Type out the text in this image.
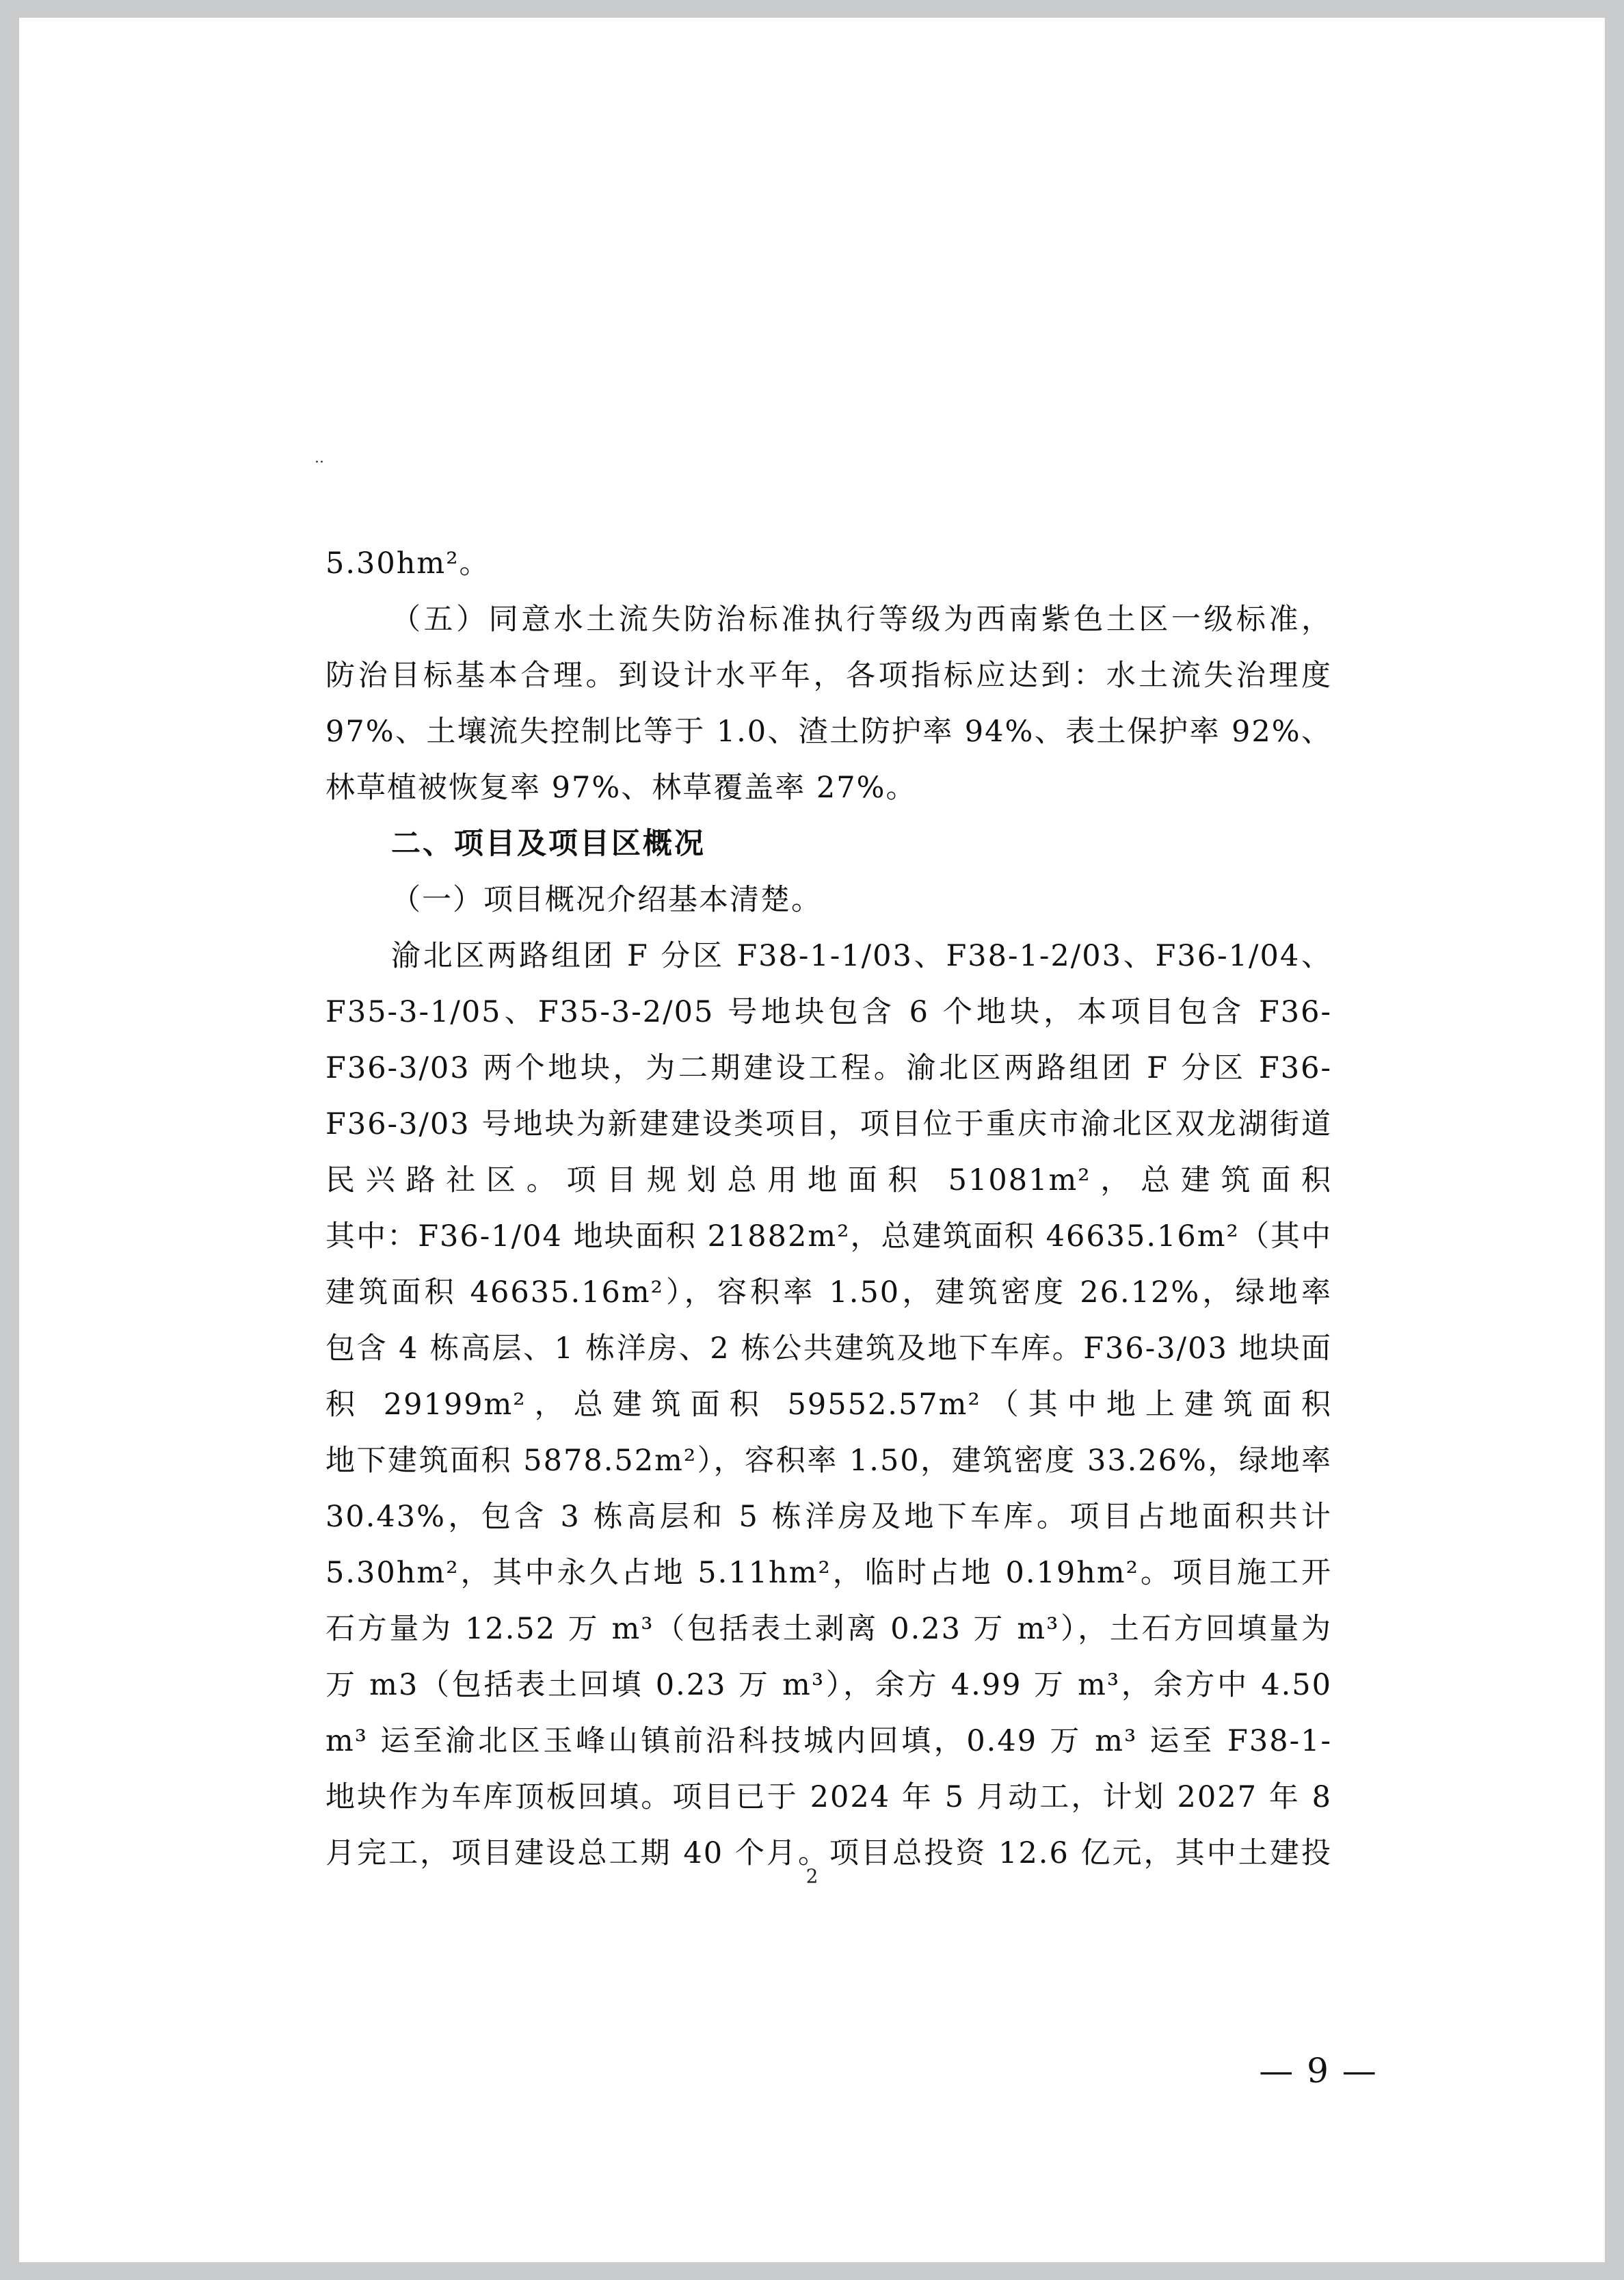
··

5.30hm²。

（五）同意水土流失防治标准执行等级为西南紫色土区一级标准，

防治目标基本合理。到设计水平年，各项指标应达到：水土流失治理度

97%、土壤流失控制比等于 1.0、渣土防护率 94%、表土保护率 92%、

林草植被恢复率 97%、林草覆盖率 27%。

二、项目及项目区概况

（一）项目概况介绍基本清楚。

渝北区两路组团 F 分区 F38-1-1/03、F38-1-2/03、F36-1/04、

F35-3-1/05、F35-3-2/05 号地块包含 6 个地块，本项目包含 F36-

F36-3/03 两个地块，为二期建设工程。渝北区两路组团 F 分区 F36-

F36-3/03 号地块为新建建设类项目，项目位于重庆市渝北区双龙湖街道

民兴路社区。项目规划总用地面积 51081m²，总建筑面积

其中：F36-1/04 地块面积 21882m²，总建筑面积 46635.16m²（其中

建筑面积 46635.16m²），容积率 1.50，建筑密度 26.12%，绿地率

包含 4 栋高层、1 栋洋房、2 栋公共建筑及地下车库。F36-3/03 地块面

积 29199m²，总建筑面积 59552.57m²（其中地上建筑面积

地下建筑面积 5878.52m²），容积率 1.50，建筑密度 33.26%，绿地率

30.43%，包含 3 栋高层和 5 栋洋房及地下车库。项目占地面积共计

5.30hm²，其中永久占地 5.11hm²，临时占地 0.19hm²。项目施工开

石方量为 12.52 万 m³（包括表土剥离 0.23 万 m³），土石方回填量为

万 m3（包括表土回填 0.23 万 m³），余方 4.99 万 m³，余方中 4.50

m³ 运至渝北区玉峰山镇前沿科技城内回填，0.49 万 m³ 运至 F38-1-

地块作为车库顶板回填。项目已于 2024 年 5 月动工，计划 2027 年 8

月完工，项目建设总工期 40 个月。项目总投资 12.6 亿元，其中土建投

2
— 9 —
